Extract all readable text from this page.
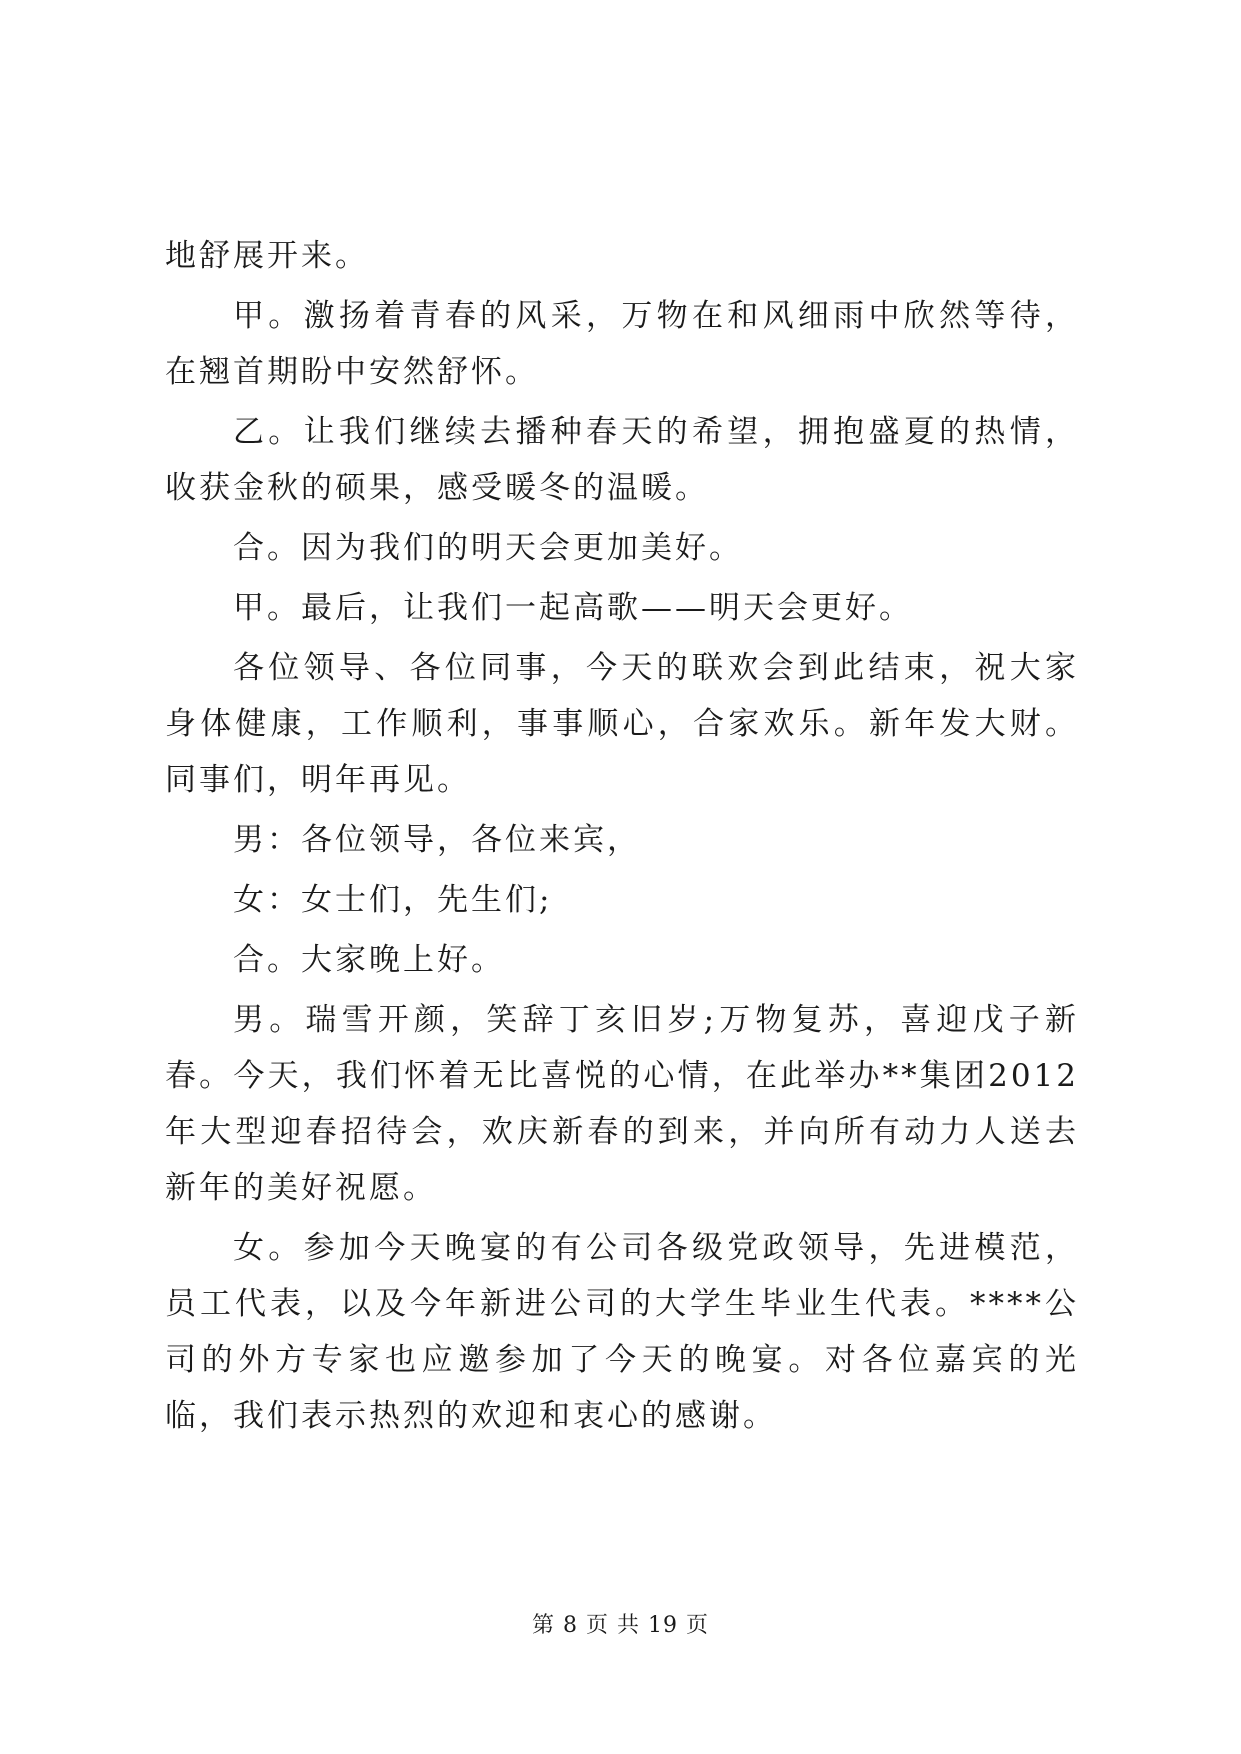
地舒展开来。

甲。激扬着青春的风采，万物在和风细雨中欣然等待，在翘首期盼中安然舒怀。

乙。让我们继续去播种春天的希望，拥抱盛夏的热情，收获金秋的硕果，感受暖冬的温暖。

合。因为我们的明天会更加美好。

甲。最后，让我们一起高歌——明天会更好。

各位领导、各位同事，今天的联欢会到此结束，祝大家身体健康，工作顺利，事事顺心，合家欢乐。新年发大财。同事们，明年再见。

男：各位领导，各位来宾，

女：女士们，先生们;

合。大家晚上好。

男。瑞雪开颜，笑辞丁亥旧岁;万物复苏，喜迎戊子新春。今天，我们怀着无比喜悦的心情，在此举办**集团2012年大型迎春招待会，欢庆新春的到来，并向所有动力人送去新年的美好祝愿。

女。参加今天晚宴的有公司各级党政领导，先进模范，员工代表，以及今年新进公司的大学生毕业生代表。****公司的外方专家也应邀参加了今天的晚宴。对各位嘉宾的光临，我们表示热烈的欢迎和衷心的感谢。

第 8 页 共 19 页
